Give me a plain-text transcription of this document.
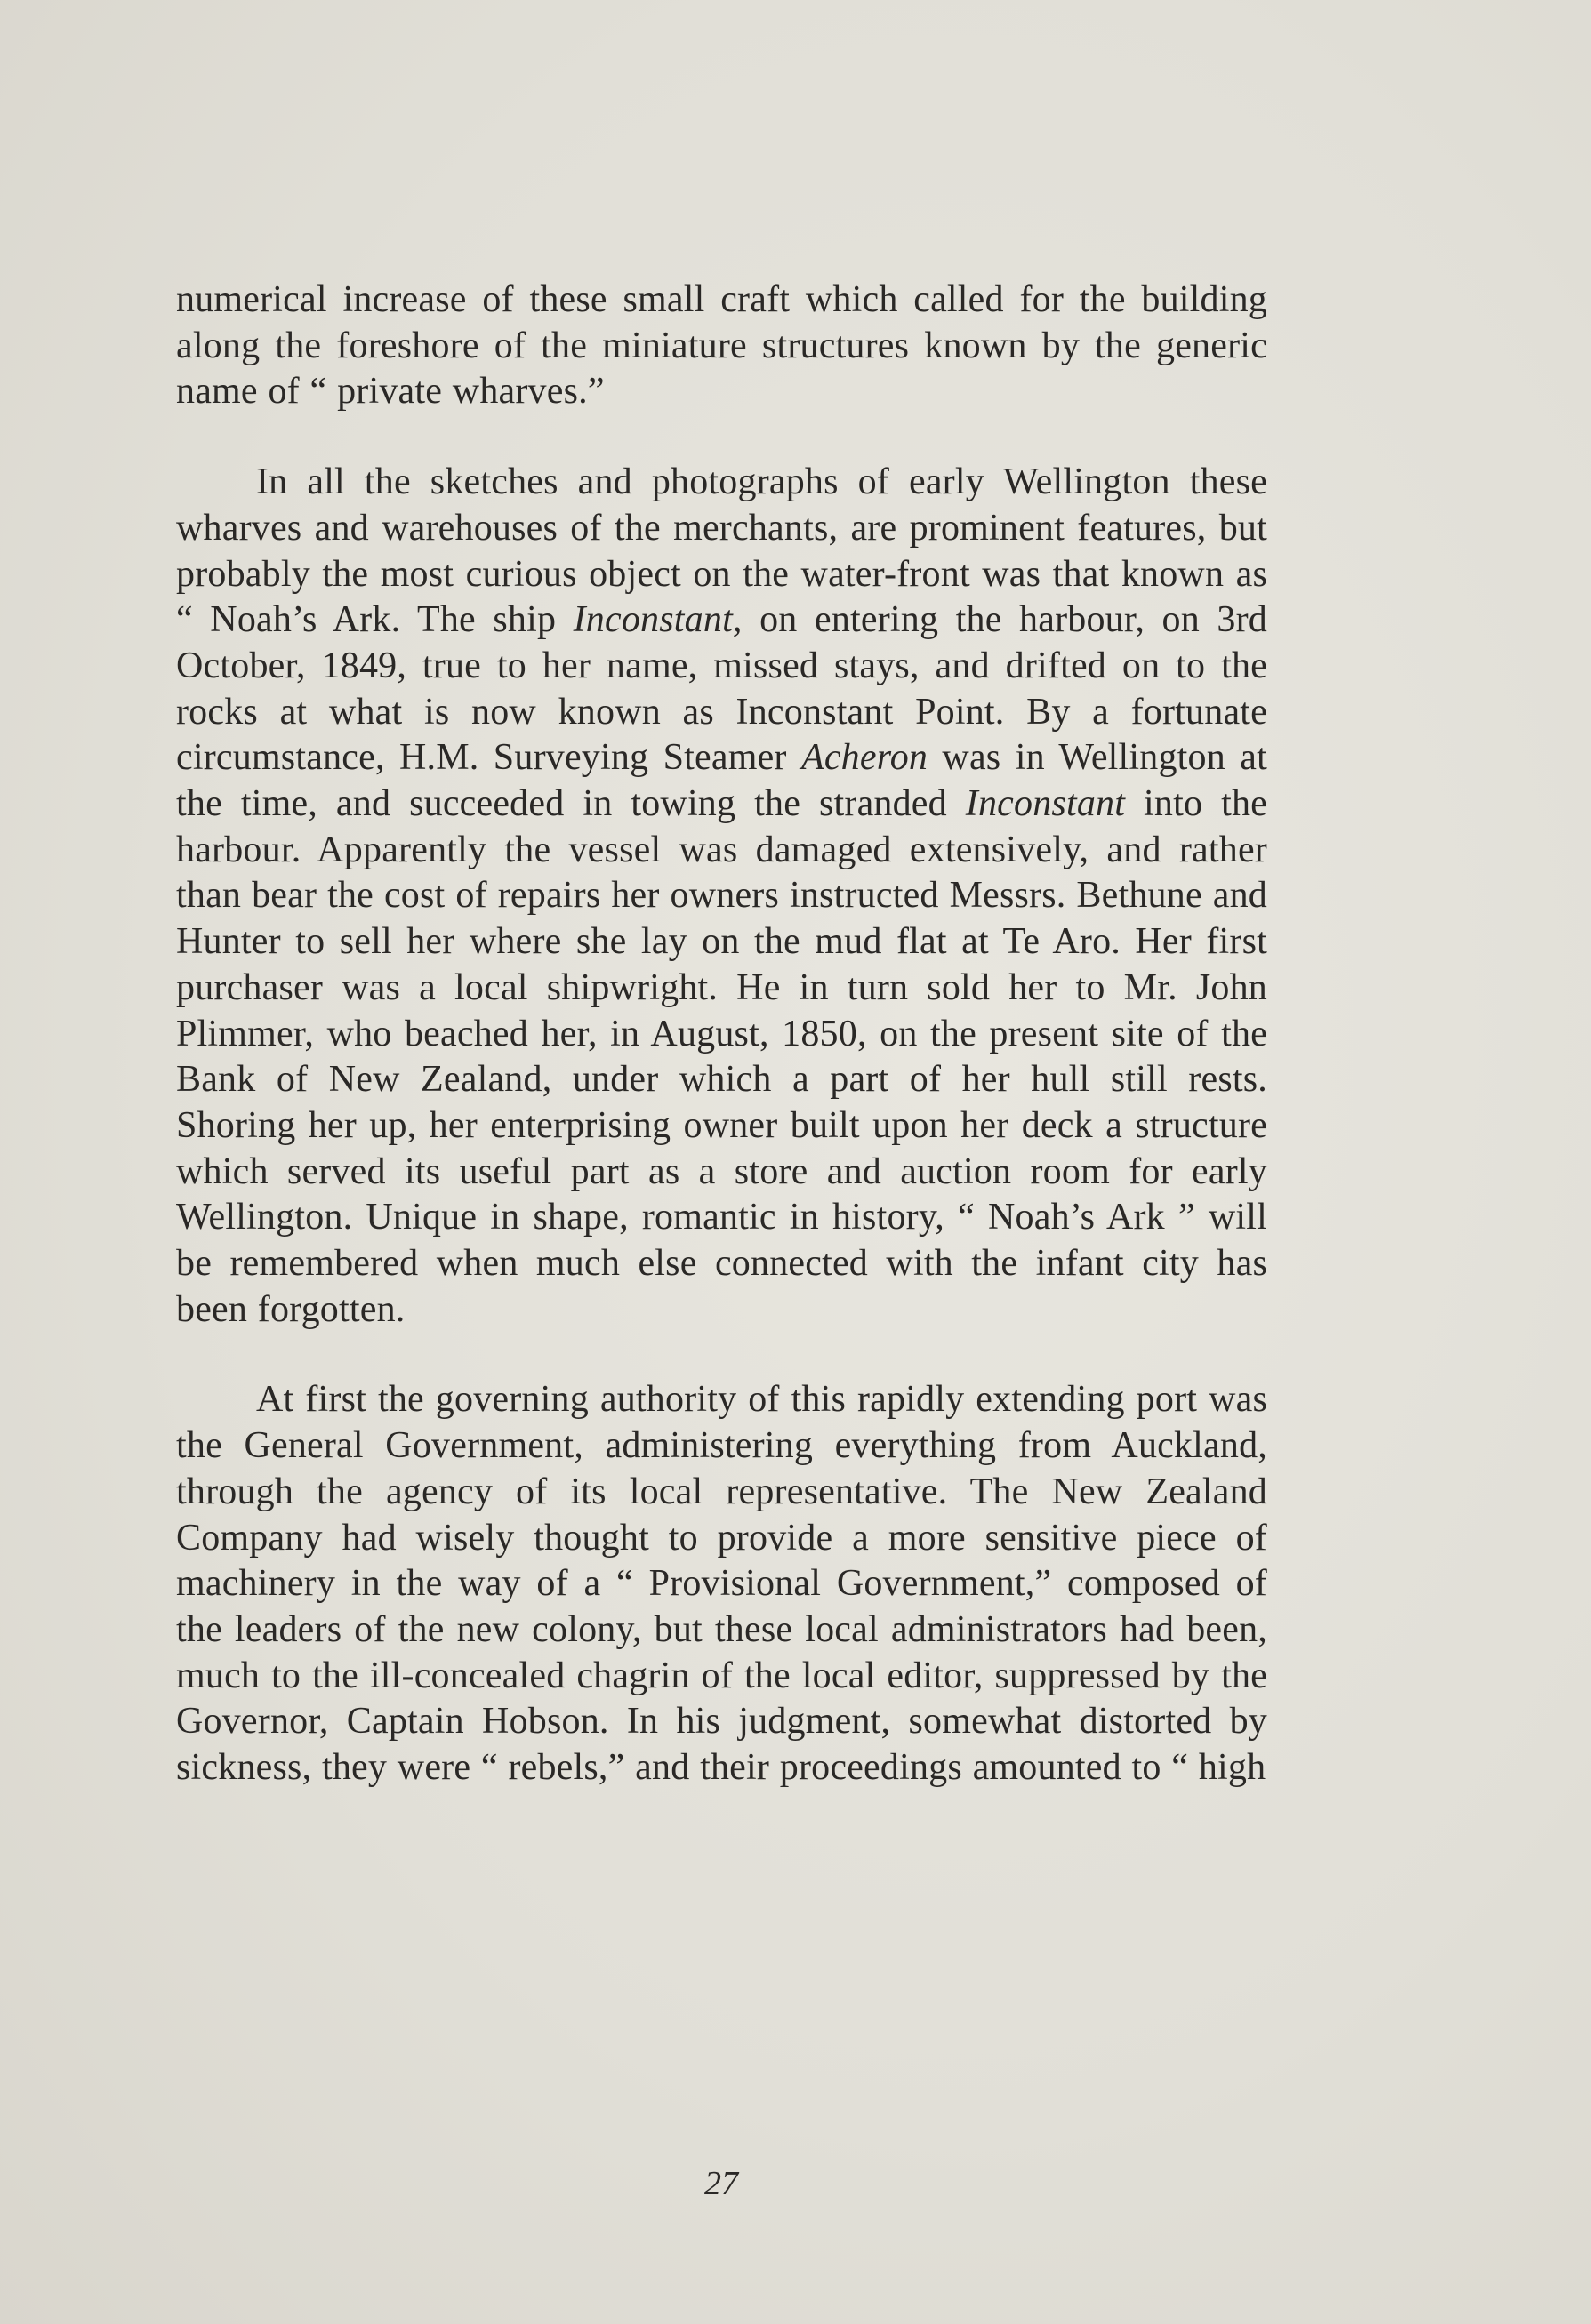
numerical increase of these small craft which called for the building along the foreshore of the miniature structures known by the generic name of “ private wharves.”

In all the sketches and photographs of early Wellington these wharves and warehouses of the merchants, are prominent features, but probably the most curious object on the water-front was that known as “ Noah’s Ark. The ship Inconstant, on entering the harbour, on 3rd October, 1849, true to her name, missed stays, and drifted on to the rocks at what is now known as Inconstant Point. By a fortunate circumstance, H.M. Surveying Steamer Acheron was in Wellington at the time, and succeeded in towing the stranded Inconstant into the harbour. Apparently the vessel was damaged extensively, and rather than bear the cost of repairs her owners instructed Messrs. Bethune and Hunter to sell her where she lay on the mud flat at Te Aro. Her first purchaser was a local shipwright. He in turn sold her to Mr. John Plimmer, who beached her, in August, 1850, on the present site of the Bank of New Zealand, under which a part of her hull still rests. Shoring her up, her enterprising owner built upon her deck a structure which served its useful part as a store and auction room for early Wellington. Unique in shape, romantic in history, “ Noah’s Ark ” will be remembered when much else connected with the infant city has been forgotten.

At first the governing authority of this rapidly extending port was the General Government, administering everything from Auckland, through the agency of its local representative. The New Zealand Company had wisely thought to provide a more sensitive piece of machinery in the way of a “ Provisional Government,” composed of the leaders of the new colony, but these local administrators had been, much to the ill-concealed chagrin of the local editor, suppressed by the Governor, Captain Hobson. In his judgment, somewhat distorted by sickness, they were “ rebels,” and their proceedings amounted to “ high

27
